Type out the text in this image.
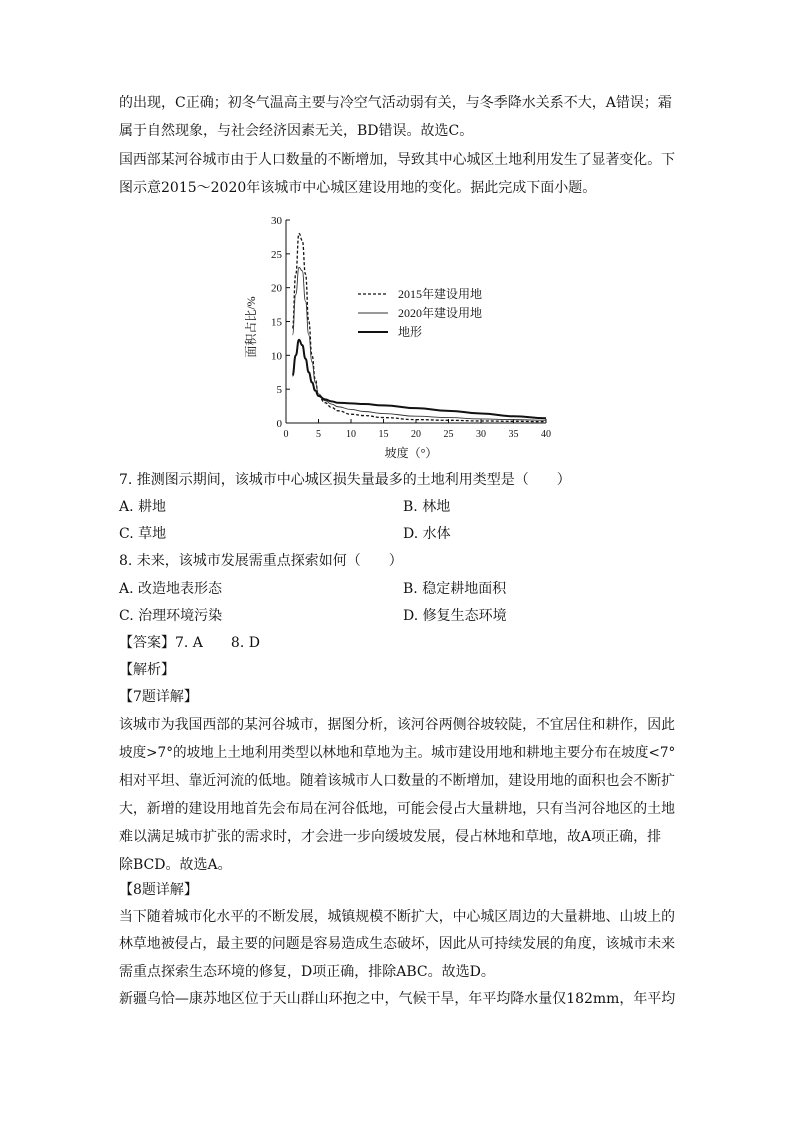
的出现，C正确；初冬气温高主要与冷空气活动弱有关，与冬季降水关系不大，A错误；霜
属于自然现象，与社会经济因素无关，BD错误。故选C。
国西部某河谷城市由于人口数量的不断增加，导致其中心城区土地利用发生了显著变化。下
图示意2015～2020年该城市中心城区建设用地的变化。据此完成下面小题。
0
5
10
15
20
25
30
0	5	10 15 20 25 30 35 40
2015年建设用地
2020年建设用地
地形
坡度（°）
面积占比/%
7. 推测图示期间，该城市中心城区损失量最多的土地利用类型是（　　）
A. 耕地	B. 林地
C. 草地	D. 水体
8. 未来，该城市发展需重点探索如何（　　）
A. 改造地表形态	B. 稳定耕地面积
C. 治理环境污染	D. 修复生态环境
【答案】7. A　　8. D
【解析】
【7题详解】
该城市为我国西部的某河谷城市，据图分析，该河谷两侧谷坡较陡，不宜居住和耕作，因此
坡度>7°的坡地上土地利用类型以林地和草地为主。城市建设用地和耕地主要分布在坡度<7°
相对平坦、靠近河流的低地。随着该城市人口数量的不断增加，建设用地的面积也会不断扩
大，新增的建设用地首先会布局在河谷低地，可能会侵占大量耕地，只有当河谷地区的土地
难以满足城市扩张的需求时，才会进一步向缓坡发展，侵占林地和草地，故A项正确，排
除BCD。故选A。
【8题详解】
当下随着城市化水平的不断发展，城镇规模不断扩大，中心城区周边的大量耕地、山坡上的
林草地被侵占，最主要的问题是容易造成生态破坏，因此从可持续发展的角度，该城市未来
需重点探索生态环境的修复，D项正确，排除ABC。故选D。
新疆乌恰—康苏地区位于天山群山环抱之中，气候干旱，年平均降水量仅182mm，年平均
